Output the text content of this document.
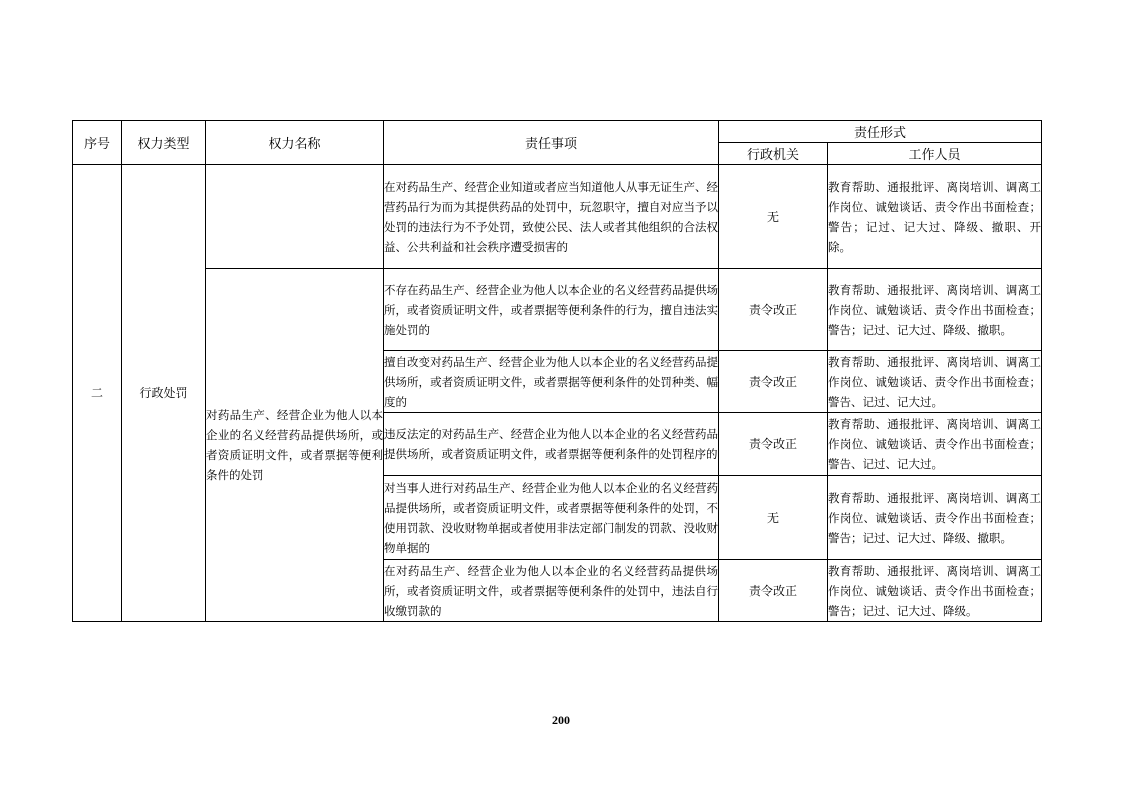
序号	权力类型	权力名称	责任事项	责任形式	
				行政机关	工作人员
二	行政处罚		在对药品生产、经营企业知道或者应当知道他人从事无证生产、经营药品行为而为其提供药品的处罚中，玩忽职守，擅自对应当予以处罚的违法行为不予处罚，致使公民、法人或者其他组织的合法权益、公共利益和社会秩序遭受损害的	无	教育帮助、通报批评、离岗培训、调离工作岗位、诚勉谈话、责令作出书面检查；警告；记过、记大过、降级、撤职、开除。
		对药品生产、经营企业为他人以本企业的名义经营药品提供场所，或者资质证明文件，或者票据等便利条件的处罚	不存在药品生产、经营企业为他人以本企业的名义经营药品提供场所，或者资质证明文件，或者票据等便利条件的行为，擅自违法实施处罚的	责令改正	教育帮助、通报批评、离岗培训、调离工作岗位、诚勉谈话、责令作出书面检查；警告；记过、记大过、降级、撤职。
			擅自改变对药品生产、经营企业为他人以本企业的名义经营药品提供场所，或者资质证明文件，或者票据等便利条件的处罚种类、幅度的	责令改正	教育帮助、通报批评、离岗培训、调离工作岗位、诚勉谈话、责令作出书面检查；警告、记过、记大过。
			违反法定的对药品生产、经营企业为他人以本企业的名义经营药品提供场所，或者资质证明文件，或者票据等便利条件的处罚程序的	责令改正	教育帮助、通报批评、离岗培训、调离工作岗位、诚勉谈话、责令作出书面检查；警告、记过、记大过。
			对当事人进行对药品生产、经营企业为他人以本企业的名义经营药品提供场所，或者资质证明文件，或者票据等便利条件的处罚，不使用罚款、没收财物单据或者使用非法定部门制发的罚款、没收财物单据的	无	教育帮助、通报批评、离岗培训、调离工作岗位、诚勉谈话、责令作出书面检查；警告；记过、记大过、降级、撤职。
			在对药品生产、经营企业为他人以本企业的名义经营药品提供场所，或者资质证明文件，或者票据等便利条件的处罚中，违法自行收缴罚款的	责令改正	教育帮助、通报批评、离岗培训、调离工作岗位、诚勉谈话、责令作出书面检查；警告；记过、记大过、降级。
200
